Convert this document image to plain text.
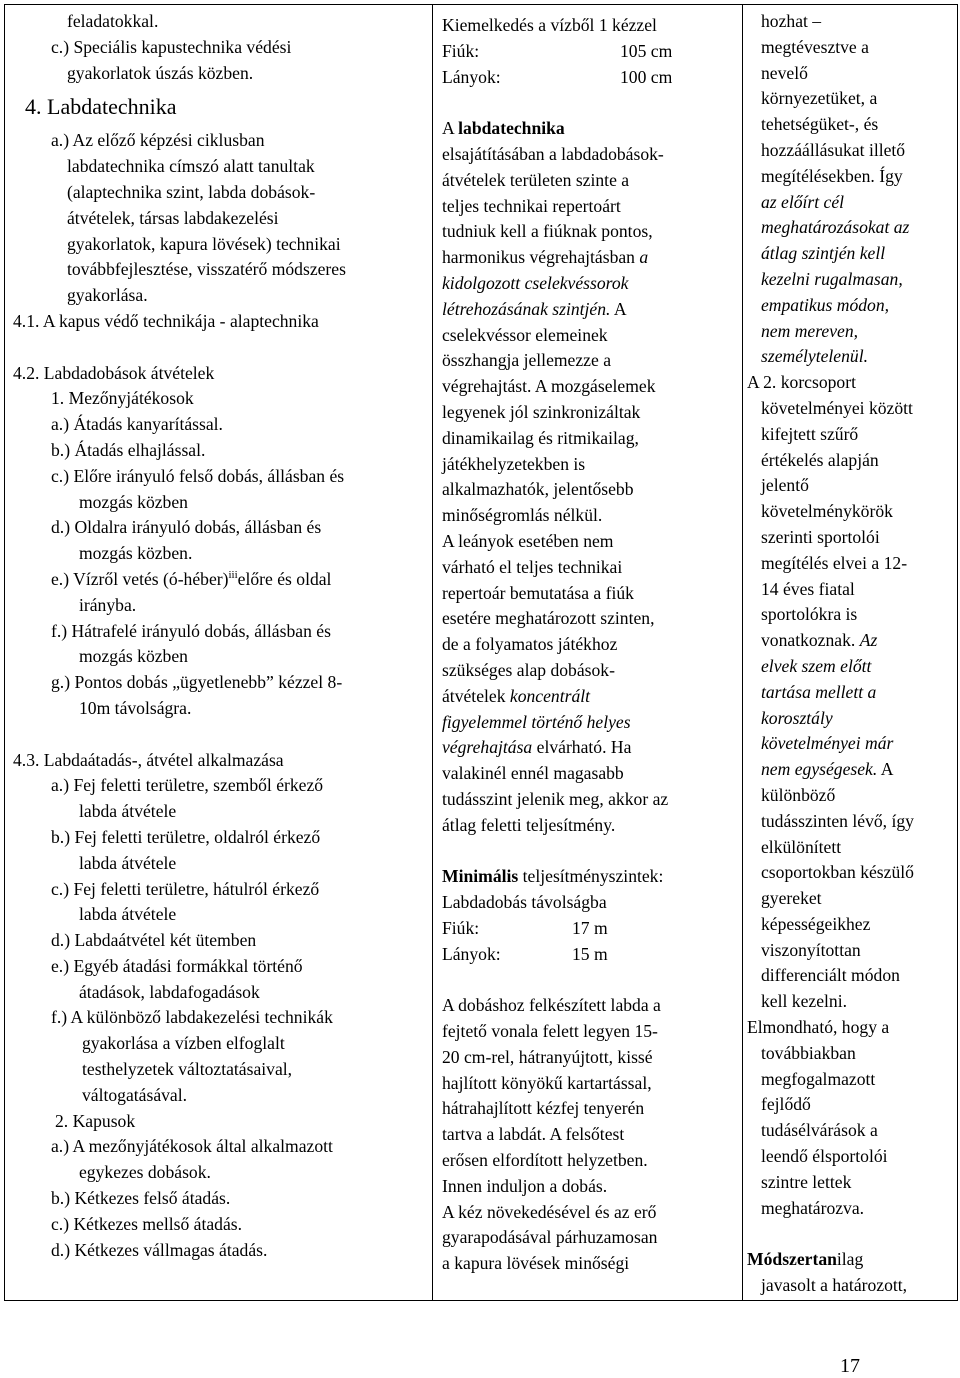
feladatokkal.
c.) Speciális kapustechnika védési
gyakorlatok úszás közben.
4. Labdatechnika
a.) Az előző képzési ciklusban
labdatechnika címszó alatt tanultak
(alaptechnika szint, labda dobások-
átvételek, társas labdakezelési
gyakorlatok, kapura lövések) technikai
továbbfejlesztése, visszatérő módszeres
gyakorlása.
4.1. A kapus védő technikája - alaptechnika
4.2. Labdadobások átvételek
1. Mezőnyjátékosok
a.) Átadás kanyarítással.
b.) Átadás elhajlással.
c.) Előre irányuló felső dobás, állásban és
mozgás közben
d.) Oldalra irányuló dobás, állásban és
mozgás közben.
e.) Vízről vetés (ó-héber)$^{iii}$előre és oldal
irányba.
f.) Hátrafelé irányuló dobás, állásban és
mozgás közben
g.) Pontos dobás „ügyetlenebb” kézzel 8-
10m távolságra.
4.3. Labdaátadás-, átvétel alkalmazása
a.) Fej feletti területre, szemből érkező
labda átvétele
b.) Fej feletti területre, oldalról érkező
labda átvétele
c.) Fej feletti területre, hátulról érkező
labda átvétele
d.) Labdaátvétel két ütemben
e.) Egyéb átadási formákkal történő
átadások, labdafogadások
f.) A különböző labdakezelési technikák
gyakorlása a vízben elfoglalt
testhelyzetek változtatásaival,
váltogatásával.
2. Kapusok
a.) A mezőnyjátékosok által alkalmazott
egykezes dobások.
b.) Kétkezes felső átadás.
c.) Kétkezes mellső átadás.
d.) Kétkezes vállmagas átadás.
Kiemelkedés a vízből 1 kézzel
Fiúk:	105 cm
Lányok:	100 cm
A labdatechnika
elsajátításában a labdadobások-
átvételek területen szinte a
teljes technikai repertoárt
tudniuk kell a fiúknak pontos,
harmonikus végrehajtásban a
kidolgozott cselekvéssorok
létrehozásának szintjén. A
cselekvéssor elemeinek
összhangja jellemezze a
végrehajtást. A mozgáselemek
legyenek jól szinkronizáltak
dinamikailag és ritmikailag,
játékhelyzetekben is
alkalmazhatók, jelentősebb
minőségromlás nélkül.
A leányok esetében nem
várható el teljes technikai
repertoár bemutatása a fiúk
esetére meghatározott szinten,
de a folyamatos játékhoz
szükséges alap dobások-
átvételek koncentrált
figyelemmel történő helyes
végrehajtása elvárható. Ha
valakinél ennél magasabb
tudásszint jelenik meg, akkor az
átlag feletti teljesítmény.
Minimális teljesítményszintek:
Labdadobás távolságba
Fiúk:	17 m
Lányok:	15 m
A dobáshoz felkészített labda a
fejtető vonala felett legyen 15-
20 cm-rel, hátranyújtott, kissé
hajlított könyökű kartartással,
hátrahajlított kézfej tenyerén
tartva a labdát. A felsőtest
erősen elfordított helyzetben.
Innen induljon a dobás.
A kéz növekedésével és az erő
gyarapodásával párhuzamosan
a kapura lövések minőségi
hozhat –
megtévesztve a
nevelő
környezetüket, a
tehetségüket-, és
hozzáállásukat illető
megítélésekben. Így
az előírt cél
meghatározásokat az
átlag szintjén kell
kezelni rugalmasan,
empatikus módon,
nem mereven,
személytelenül.
A 2. korcsoport
követelményei között
kifejtett szűrő
értékelés alapján
jelentő
követelménykörök
szerinti sportolói
megítélés elvei a 12-
14 éves fiatal
sportolókra is
vonatkoznak. Az
elvek szem előtt
tartása mellett a
korosztály
követelményei már
nem egységesek. A
különböző
tudásszinten lévő, így
elkülönített
csoportokban készülő
gyereket
képességeikhez
viszonyítottan
differenciált módon
kell kezelni.
Elmondható, hogy a
továbbiakban
megfogalmazott
fejlődő
tudásélvárások a
leendő élsportolói
szintre lettek
meghatározva.
Módszertanilag
javasolt a határozott,
17
